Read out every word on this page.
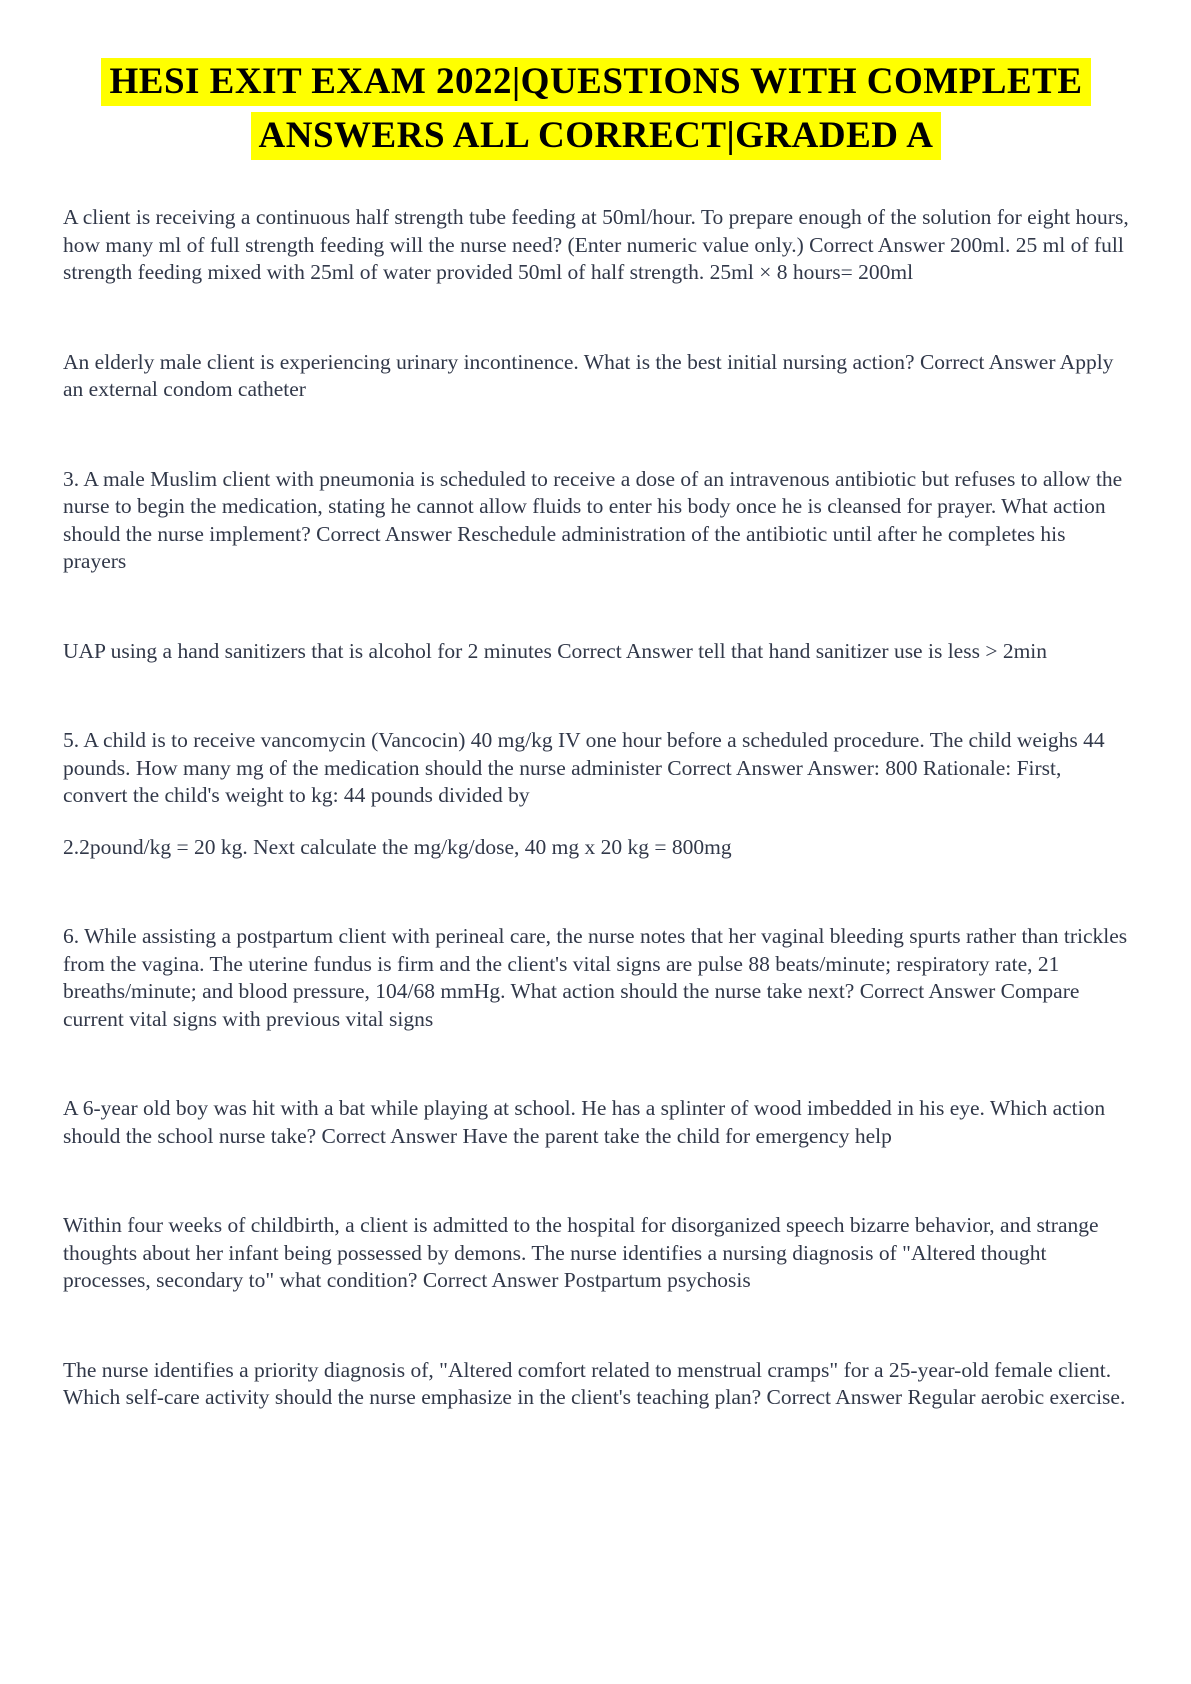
HESI EXIT EXAM 2022|QUESTIONS WITH COMPLETE
ANSWERS ALL CORRECT|GRADED A

A client is receiving a continuous half strength tube feeding at 50ml/hour. To prepare enough of the solution for eight hours, how many ml of full strength feeding will the nurse need? (Enter numeric value only.) Correct Answer 200ml. 25 ml of full strength feeding mixed with 25ml of water provided 50ml of half strength. 25ml × 8 hours= 200ml

An elderly male client is experiencing urinary incontinence. What is the best initial nursing action? Correct Answer Apply an external condom catheter

3. A male Muslim client with pneumonia is scheduled to receive a dose of an intravenous antibiotic but refuses to allow the nurse to begin the medication, stating he cannot allow fluids to enter his body once he is cleansed for prayer. What action should the nurse implement? Correct Answer Reschedule administration of the antibiotic until after he completes his prayers

UAP using a hand sanitizers that is alcohol for 2 minutes Correct Answer tell that hand sanitizer use is less > 2min

5. A child is to receive vancomycin (Vancocin) 40 mg/kg IV one hour before a scheduled procedure. The child weighs 44 pounds. How many mg of the medication should the nurse administer Correct Answer Answer: 800 Rationale: First, convert the child's weight to kg: 44 pounds divided by

2.2pound/kg = 20 kg. Next calculate the mg/kg/dose, 40 mg x 20 kg = 800mg

6. While assisting a postpartum client with perineal care, the nurse notes that her vaginal bleeding spurts rather than trickles from the vagina. The uterine fundus is firm and the client's vital signs are pulse 88 beats/minute; respiratory rate, 21 breaths/minute; and blood pressure, 104/68 mmHg. What action should the nurse take next? Correct Answer Compare current vital signs with previous vital signs

A 6-year old boy was hit with a bat while playing at school. He has a splinter of wood imbedded in his eye. Which action should the school nurse take? Correct Answer Have the parent take the child for emergency help

Within four weeks of childbirth, a client is admitted to the hospital for disorganized speech bizarre behavior, and strange thoughts about her infant being possessed by demons. The nurse identifies a nursing diagnosis of "Altered thought processes, secondary to" what condition? Correct Answer Postpartum psychosis

The nurse identifies a priority diagnosis of, "Altered comfort related to menstrual cramps" for a 25-year-old female client. Which self-care activity should the nurse emphasize in the client's teaching plan? Correct Answer Regular aerobic exercise.
